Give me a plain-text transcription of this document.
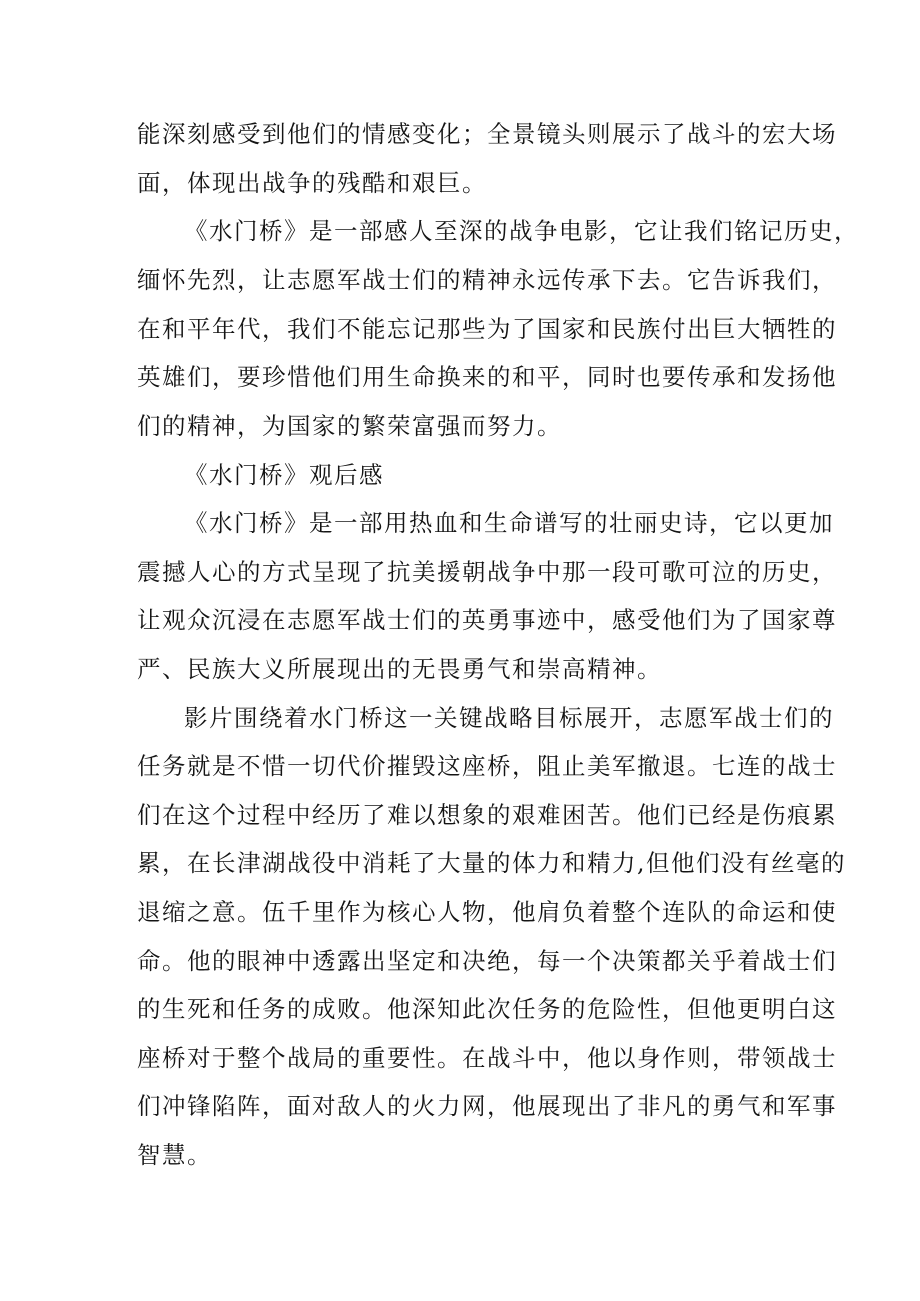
能深刻感受到他们的情感变化；全景镜头则展示了战斗的宏大场
面，体现出战争的残酷和艰巨。
《水门桥》是一部感人至深的战争电影，它让我们铭记历史，
缅怀先烈，让志愿军战士们的精神永远传承下去。它告诉我们，
在和平年代，我们不能忘记那些为了国家和民族付出巨大牺牲的
英雄们，要珍惜他们用生命换来的和平，同时也要传承和发扬他
们的精神，为国家的繁荣富强而努力。
《水门桥》观后感
《水门桥》是一部用热血和生命谱写的壮丽史诗，它以更加
震撼人心的方式呈现了抗美援朝战争中那一段可歌可泣的历史，
让观众沉浸在志愿军战士们的英勇事迹中，感受他们为了国家尊
严、民族大义所展现出的无畏勇气和崇高精神。
影片围绕着水门桥这一关键战略目标展开，志愿军战士们的
任务就是不惜一切代价摧毁这座桥，阻止美军撤退。七连的战士
们在这个过程中经历了难以想象的艰难困苦。他们已经是伤痕累
累，在长津湖战役中消耗了大量的体力和精力,但他们没有丝毫的
退缩之意。伍千里作为核心人物，他肩负着整个连队的命运和使
命。他的眼神中透露出坚定和决绝，每一个决策都关乎着战士们
的生死和任务的成败。他深知此次任务的危险性，但他更明白这
座桥对于整个战局的重要性。在战斗中，他以身作则，带领战士
们冲锋陷阵，面对敌人的火力网，他展现出了非凡的勇气和军事
智慧。
